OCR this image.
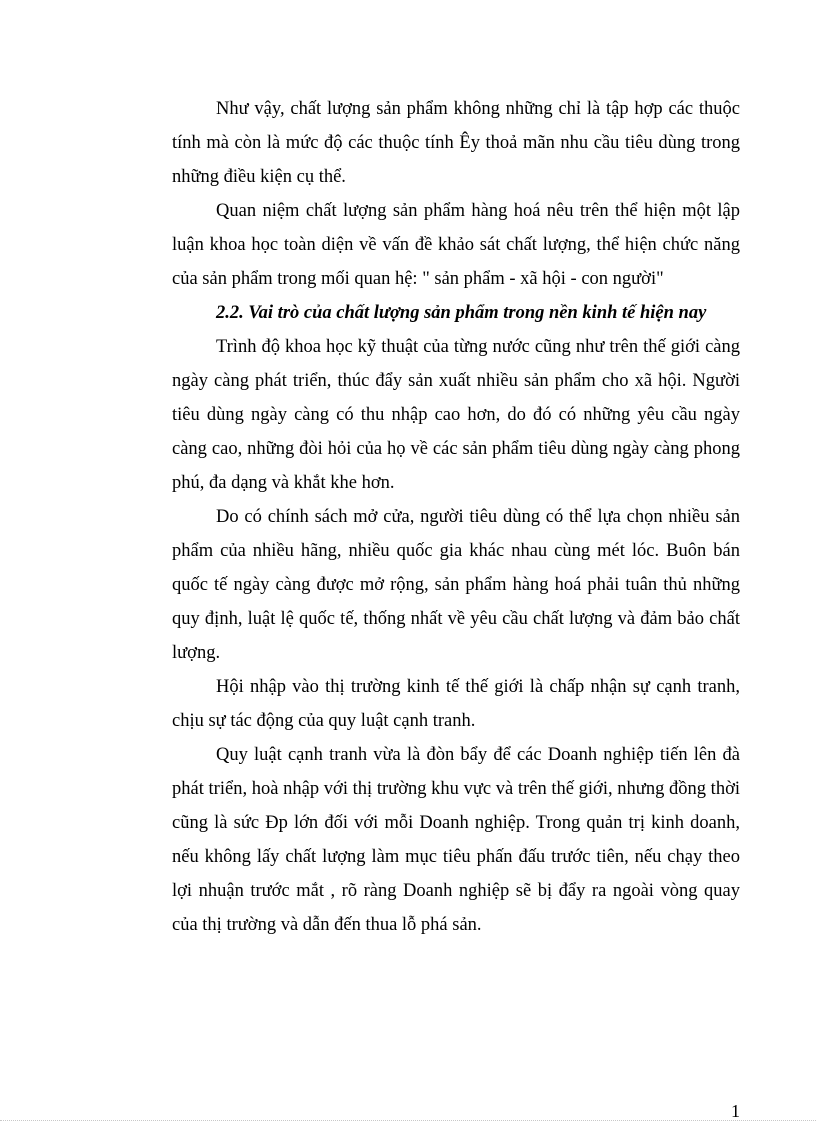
Như vậy, chất lượng sản phẩm không những chỉ là tập hợp các thuộc tính mà còn là mức độ các thuộc tính Êy thoả mãn nhu cầu tiêu dùng trong những điều kiện cụ thể.

Quan niệm chất lượng sản phẩm hàng hoá nêu trên thể hiện một lập luận khoa học toàn diện về vấn đề khảo sát chất lượng, thể hiện chức năng của sản phẩm trong mối quan hệ: " sản phẩm - xã hội - con người"

2.2. Vai trò của chất lượng sản phẩm trong nền kinh tế hiện nay

Trình độ khoa học kỹ thuật của từng nước cũng như trên thế giới càng ngày càng phát triển, thúc đẩy sản xuất nhiều sản phẩm cho xã hội. Người tiêu dùng ngày càng có thu nhập cao hơn, do đó có những yêu cầu ngày càng cao, những đòi hỏi của họ về các sản phẩm tiêu dùng ngày càng phong phú, đa dạng và khắt khe hơn.

Do có chính sách mở cửa, người tiêu dùng có thể lựa chọn nhiều sản phẩm của nhiều hãng, nhiều quốc gia khác nhau cùng mét lóc. Buôn bán quốc tế ngày càng được mở rộng, sản phẩm hàng hoá phải tuân thủ những quy định, luật lệ quốc tế, thống nhất về yêu cầu chất lượng và đảm bảo chất lượng.

Hội nhập vào thị trường kinh tế thế giới là chấp nhận sự cạnh tranh, chịu sự tác động của quy luật cạnh tranh.

Quy luật cạnh tranh vừa là đòn bẩy để các Doanh nghiệp tiến lên đà phát triển, hoà nhập với thị trường khu vực và trên thế giới, nhưng đồng thời cũng là sức Ðp lớn đối với mỗi Doanh nghiệp. Trong quản trị kinh doanh, nếu không lấy chất lượng làm mục tiêu phấn đấu trước tiên, nếu chạy theo lợi nhuận trước mắt , rõ ràng Doanh nghiệp sẽ bị đẩy ra ngoài vòng quay của thị trường và dẫn đến thua lỗ phá sản.

1
